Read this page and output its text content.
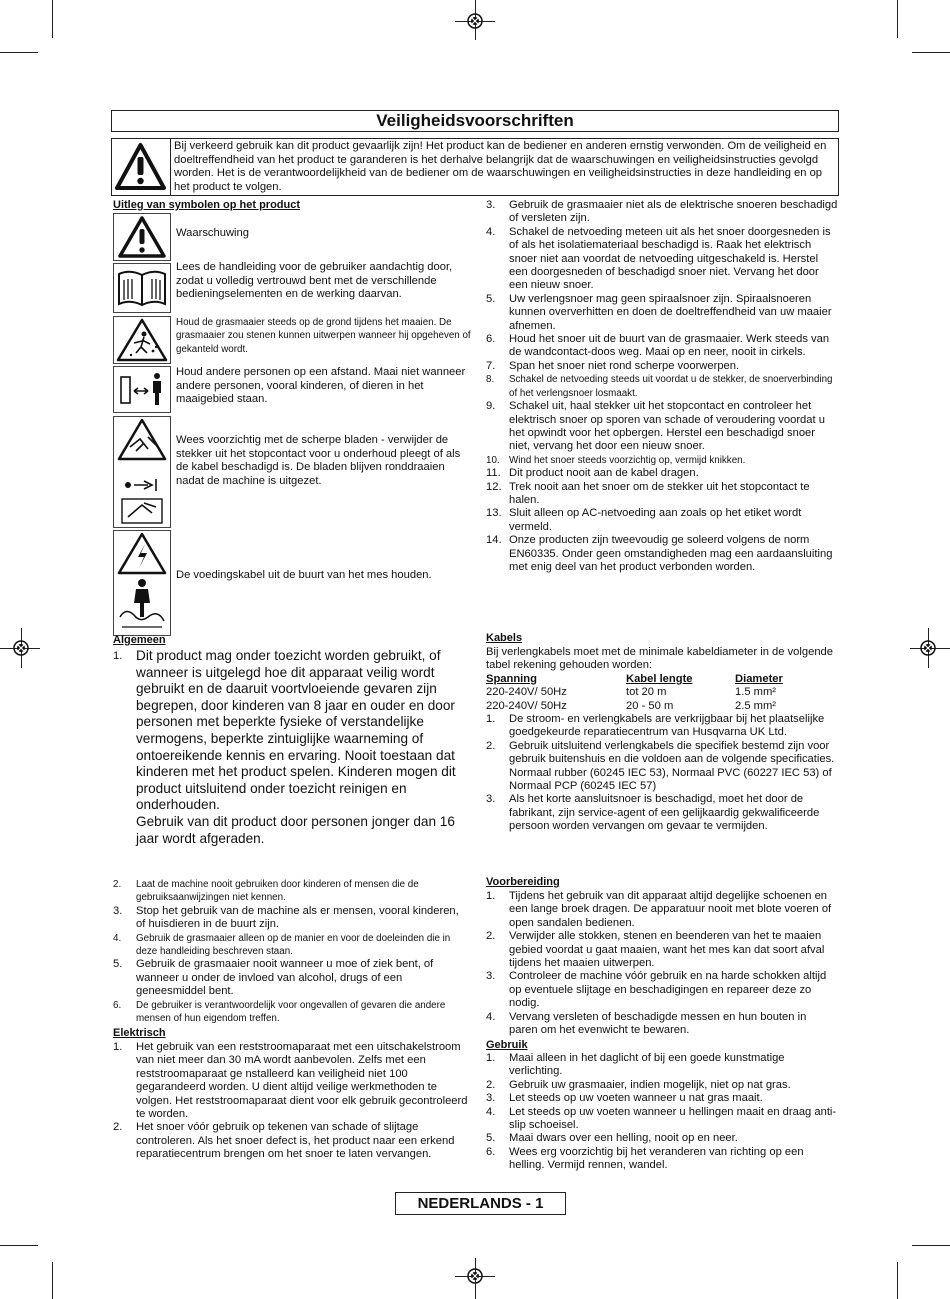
Veiligheidsvoorschriften
Bij verkeerd gebruik kan dit product gevaarlijk zijn! Het product kan de bediener en anderen ernstig verwonden. Om de veiligheid en doeltreffendheid van het product te garanderen is het derhalve belangrijk dat de waarschuwingen en veiligheidsinstructies gevolgd worden. Het is de verantwoordelijkheid van de bediener om de waarschuwingen en veiligheidsinstructies in deze handleiding en op het product te volgen.
Uitleg van symbolen op het product
Waarschuwing
Lees de handleiding voor de gebruiker aandachtig door, zodat u volledig vertrouwd bent met de verschillende bedieningselementen en de werking daarvan.
Houd de grasmaaier steeds op de grond tijdens het maaien. De grasmaaier zou stenen kunnen uitwerpen wanneer hij opgeheven of gekanteld wordt.
Houd andere personen op een afstand. Maai niet wanneer andere personen, vooral kinderen, of dieren in het maaigebied staan.
Wees voorzichtig met de scherpe bladen - verwijder de stekker uit het stopcontact voor u onderhoud pleegt of als de kabel beschadigd is. De bladen blijven ronddraaien nadat de machine is uitgezet.
De voedingskabel uit de buurt van het mes houden.
Algemeen
1. Dit product mag onder toezicht worden gebruikt, of wanneer is uitgelegd hoe dit apparaat veilig wordt gebruikt en de daaruit voortvloeiende gevaren zijn begrepen, door kinderen van 8 jaar en ouder en door personen met beperkte fysieke of verstandelijke vermogens, beperkte zintuiglijke waarneming of ontoereikende kennis en ervaring. Nooit toestaan dat kinderen met het product spelen. Kinderen mogen dit product uitsluitend onder toezicht reinigen en onderhouden.
Gebruik van dit product door personen jonger dan 16 jaar wordt afgeraden.
2. Laat de machine nooit gebruiken door kinderen of mensen die de gebruiksaanwijzingen niet kennen.
3. Stop het gebruik van de machine als er mensen, vooral kinderen, of huisdieren in de buurt zijn.
4. Gebruik de grasmaaier alleen op de manier en voor de doeleinden die in deze handleiding beschreven staan.
5. Gebruik de grasmaaier nooit wanneer u moe of ziek bent, of wanneer u onder de invloed van alcohol, drugs of een geneesmiddel bent.
6. De gebruiker is verantwoordelijk voor ongevallen of gevaren die andere mensen of hun eigendom treffen.
Elektrisch
1. Het gebruik van een reststroomaparaat met een uitschakelstroom van niet meer dan 30 mA wordt aanbevolen. Zelfs met een reststroomaparaat ge nstalleerd kan veiligheid niet 100 gegarandeerd worden. U dient altijd veilige werkmethoden te volgen. Het reststroomaparaat dient voor elk gebruik gecontroleerd te worden.
2. Het snoer vóór gebruik op tekenen van schade of slijtage controleren. Als het snoer defect is, het product naar een erkend reparatiecentrum brengen om het snoer te laten vervangen.
3. Gebruik de grasmaaier niet als de elektrische snoeren beschadigd of versleten zijn.
4. Schakel de netvoeding meteen uit als het snoer doorgesneden is of als het isolatiemateriaal beschadigd is. Raak het elektrisch snoer niet aan voordat de netvoeding uitgeschakeld is. Herstel een doorgesneden of beschadigd snoer niet. Vervang het door een nieuw snoer.
5. Uw verlengsnoer mag geen spiraalsnoer zijn. Spiraalsnoeren kunnen oververhitten en doen de doeltreffendheid van uw maaier afnemen.
6. Houd het snoer uit de buurt van de grasmaaier. Werk steeds van de wandcontact-doos weg. Maai op en neer, nooit in cirkels.
7. Span het snoer niet rond scherpe voorwerpen.
8. Schakel de netvoeding steeds uit voordat u de stekker, de snoerverbinding of het verlengsnoer losmaakt.
9. Schakel uit, haal stekker uit het stopcontact en controleer het elektrisch snoer op sporen van schade of veroudering voordat u het opwindt voor het opbergen. Herstel een beschadigd snoer niet, vervang het door een nieuw snoer.
10. Wind het snoer steeds voorzichtig op, vermijd knikken.
11. Dit product nooit aan de kabel dragen.
12. Trek nooit aan het snoer om de stekker uit het stopcontact te halen.
13. Sluit alleen op AC-netvoeding aan zoals op het etiket wordt vermeld.
14. Onze producten zijn tweevoudig ge soleerd volgens de norm EN60335. Onder geen omstandigheden mag een aardaansluiting met enig deel van het product verbonden worden.
Kabels
Bij verlengkabels moet met de minimale kabeldiameter in de volgende tabel rekening gehouden worden:
Spanning	Kabel lengte	Diameter
220-240V/ 50Hz	tot 20 m	1.5 mm²
220-240V/ 50Hz	20 - 50 m	2.5 mm²
1. De stroom- en verlengkabels are verkrijgbaar bij het plaatselijke goedgekeurde reparatiecentrum van Husqvarna UK Ltd.
2. Gebruik uitsluitend verlengkabels die specifiek bestemd zijn voor gebruik buitenshuis en die voldoen aan de volgende specificaties. Normaal rubber (60245 IEC 53), Normaal PVC (60227 IEC 53) of Normaal PCP (60245 IEC 57)
3. Als het korte aansluitsnoer is beschadigd, moet het door de fabrikant, zijn service-agent of een gelijkaardig gekwalificeerde persoon worden vervangen om gevaar te vermijden.
Voorbereiding
1. Tijdens het gebruik van dit apparaat altijd degelijke schoenen en een lange broek dragen. De apparatuur nooit met blote voeren of open sandalen bedienen.
2. Verwijder alle stokken, stenen en beenderen van het te maaien gebied voordat u gaat maaien, want het mes kan dat soort afval tijdens het maaien uitwerpen.
3. Controleer de machine vóór gebruik en na harde schokken altijd op eventuele slijtage en beschadigingen en repareer deze zo nodig.
4. Vervang versleten of beschadigde messen en hun bouten in paren om het evenwicht te bewaren.
Gebruik
1. Maai alleen in het daglicht of bij een goede kunstmatige verlichting.
2. Gebruik uw grasmaaier, indien mogelijk, niet op nat gras.
3. Let steeds op uw voeten wanneer u nat gras maait.
4. Let steeds op uw voeten wanneer u hellingen maait en draag anti-slip schoeisel.
5. Maai dwars over een helling, nooit op en neer.
6. Wees erg voorzichtig bij het veranderen van richting op een helling. Vermijd rennen, wandel.
NEDERLANDS - 1
